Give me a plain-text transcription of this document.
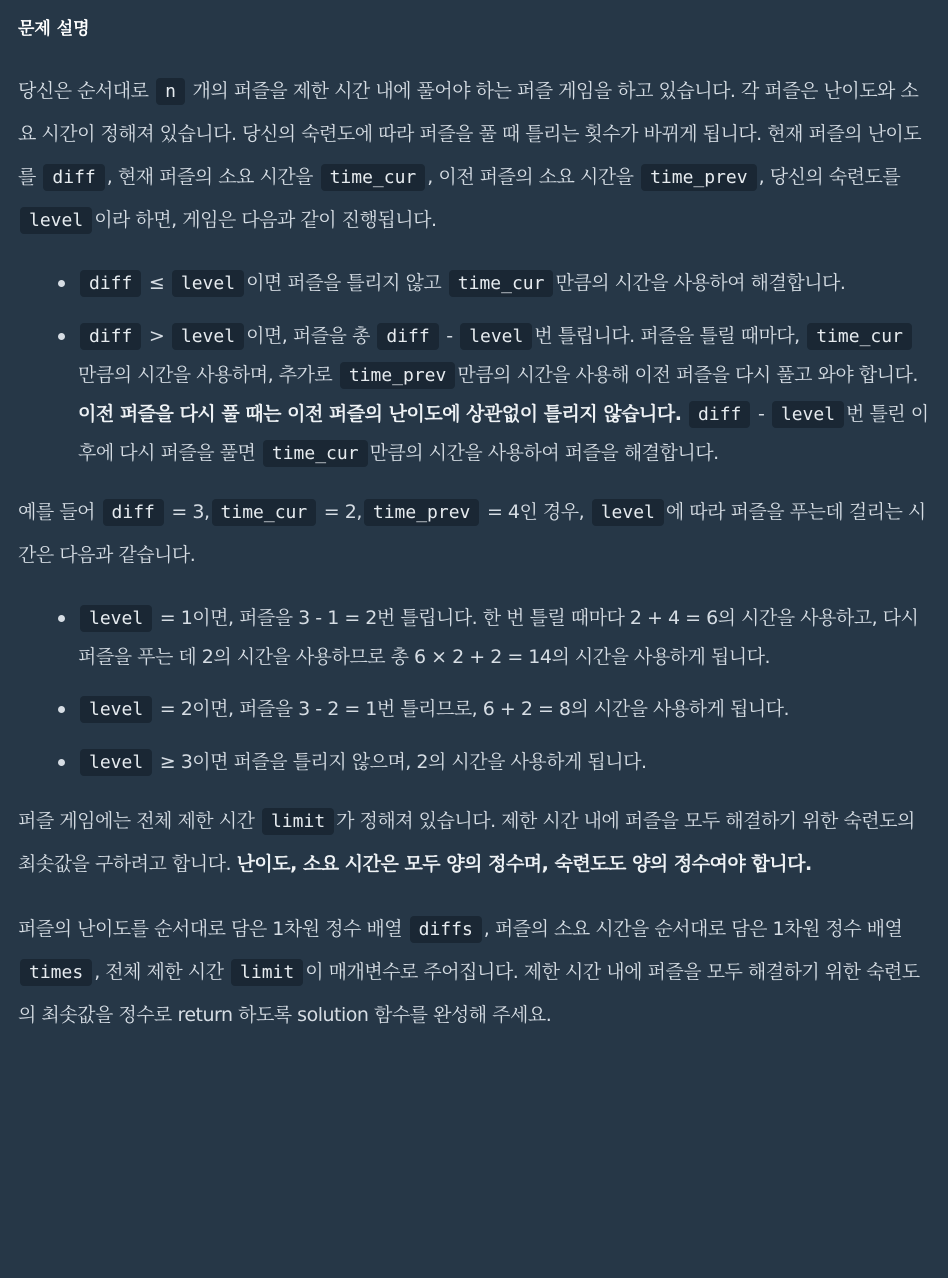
문제 설명

당신은 순서대로 n 개의 퍼즐을 제한 시간 내에 풀어야 하는 퍼즐 게임을 하고 있습니다. 각 퍼즐은 난이도와 소요 시간이 정해져 있습니다. 당신의 숙련도에 따라 퍼즐을 풀 때 틀리는 횟수가 바뀌게 됩니다. 현재 퍼즐의 난이도를 diff , 현재 퍼즐의 소요 시간을 time_cur , 이전 퍼즐의 소요 시간을 time_prev , 당신의 숙련도를 level 이라 하면, 게임은 다음과 같이 진행됩니다.

diff ≤ level 이면 퍼즐을 틀리지 않고 time_cur 만큼의 시간을 사용하여 해결합니다.
diff > level 이면, 퍼즐을 총 diff - level 번 틀립니다. 퍼즐을 틀릴 때마다, time_cur만큼의 시간을 사용하며, 추가로 time_prev 만큼의 시간을 사용해 이전 퍼즐을 다시 풀고 와야 합니다. 이전 퍼즐을 다시 풀 때는 이전 퍼즐의 난이도에 상관없이 틀리지 않습니다. diff - level 번 틀린 이후에 다시 퍼즐을 풀면 time_cur 만큼의 시간을 사용하여 퍼즐을 해결합니다.

예를 들어 diff = 3, time_cur = 2, time_prev = 4인 경우, level 에 따라 퍼즐을 푸는데 걸리는 시간은 다음과 같습니다.

level = 1이면, 퍼즐을 3 - 1 = 2번 틀립니다. 한 번 틀릴 때마다 2 + 4 = 6의 시간을 사용하고, 다시 퍼즐을 푸는 데 2의 시간을 사용하므로 총 6 × 2 + 2 = 14의 시간을 사용하게 됩니다.
level = 2이면, 퍼즐을 3 - 2 = 1번 틀리므로, 6 + 2 = 8의 시간을 사용하게 됩니다.
level ≥ 3이면 퍼즐을 틀리지 않으며, 2의 시간을 사용하게 됩니다.

퍼즐 게임에는 전체 제한 시간 limit 가 정해져 있습니다. 제한 시간 내에 퍼즐을 모두 해결하기 위한 숙련도의 최솟값을 구하려고 합니다. 난이도, 소요 시간은 모두 양의 정수며, 숙련도도 양의 정수여야 합니다.

퍼즐의 난이도를 순서대로 담은 1차원 정수 배열 diffs , 퍼즐의 소요 시간을 순서대로 담은 1차원 정수 배열 times , 전체 제한 시간 limit 이 매개변수로 주어집니다. 제한 시간 내에 퍼즐을 모두 해결하기 위한 숙련도의 최솟값을 정수로 return 하도록 solution 함수를 완성해 주세요.
